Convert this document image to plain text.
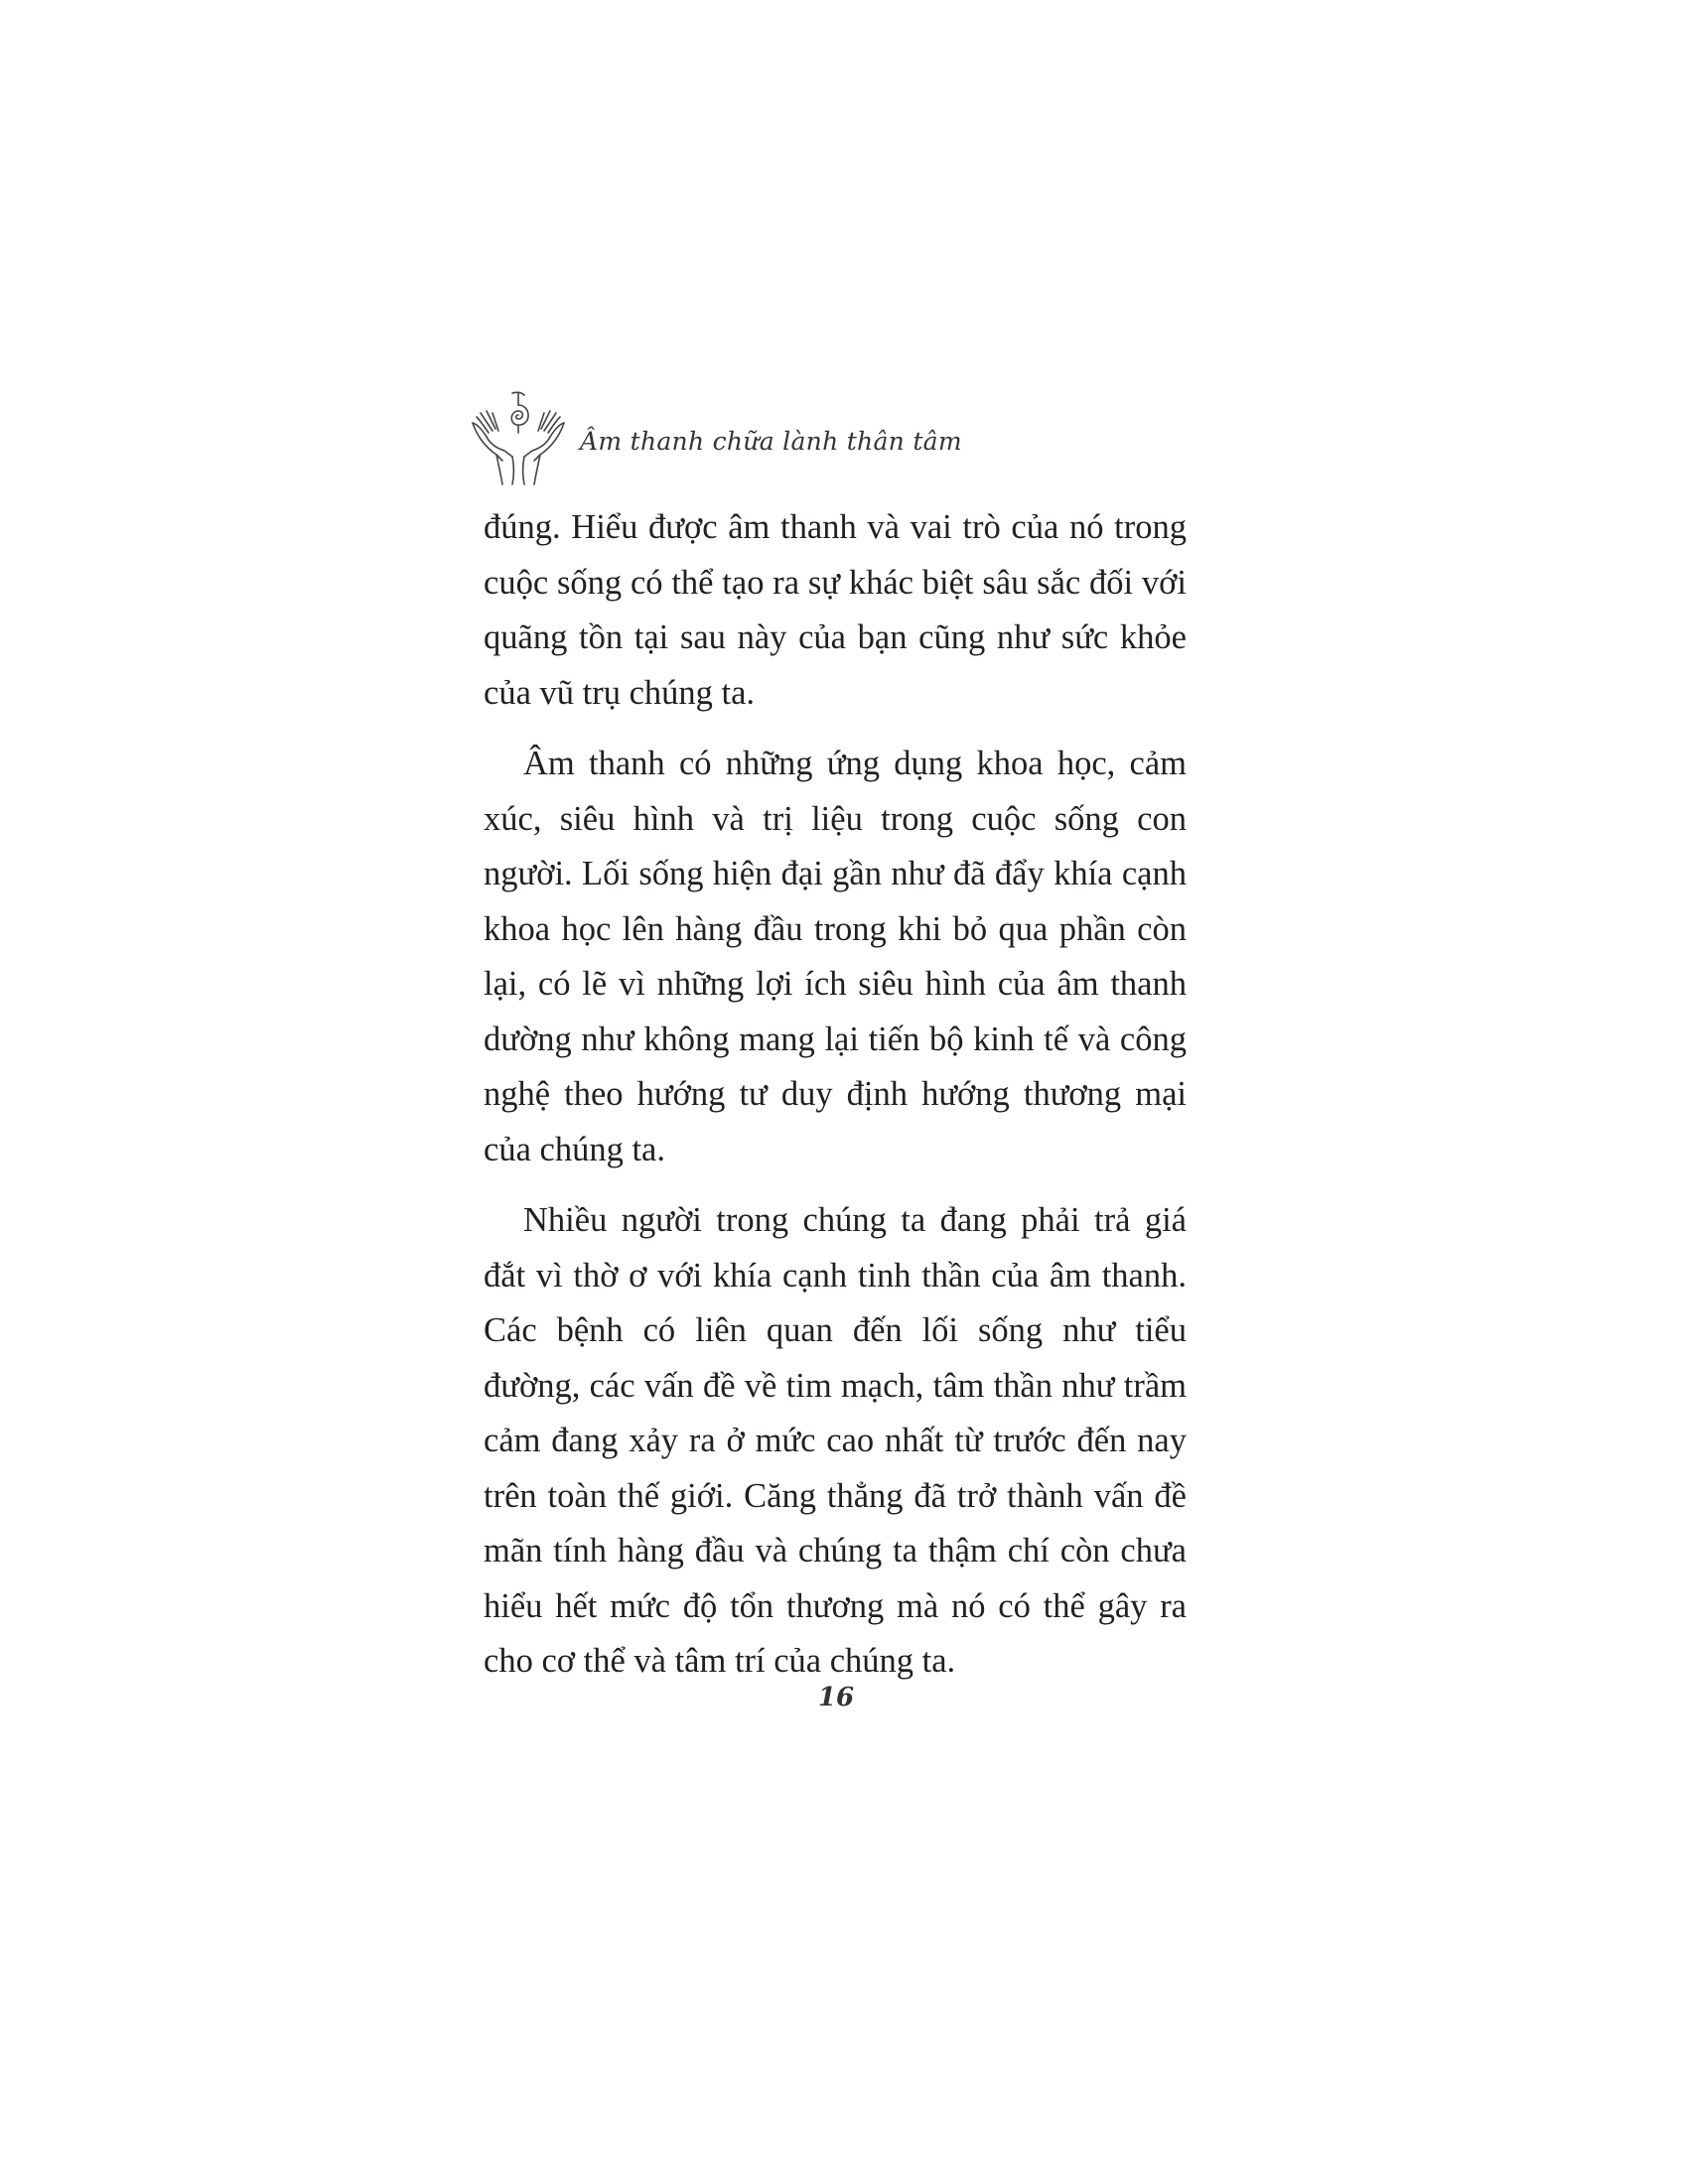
Âm thanh chữa lành thân tâm

đúng. Hiểu được âm thanh và vai trò của nó trong cuộc sống có thể tạo ra sự khác biệt sâu sắc đối với quãng tồn tại sau này của bạn cũng như sức khỏe của vũ trụ chúng ta.

Âm thanh có những ứng dụng khoa học, cảm xúc, siêu hình và trị liệu trong cuộc sống con người. Lối sống hiện đại gần như đã đẩy khía cạnh khoa học lên hàng đầu trong khi bỏ qua phần còn lại, có lẽ vì những lợi ích siêu hình của âm thanh dường như không mang lại tiến bộ kinh tế và công nghệ theo hướng tư duy định hướng thương mại của chúng ta.

Nhiều người trong chúng ta đang phải trả giá đắt vì thờ ơ với khía cạnh tinh thần của âm thanh. Các bệnh có liên quan đến lối sống như tiểu đường, các vấn đề về tim mạch, tâm thần như trầm cảm đang xảy ra ở mức cao nhất từ trước đến nay trên toàn thế giới. Căng thẳng đã trở thành vấn đề mãn tính hàng đầu và chúng ta thậm chí còn chưa hiểu hết mức độ tổn thương mà nó có thể gây ra cho cơ thể và tâm trí của chúng ta.

16
